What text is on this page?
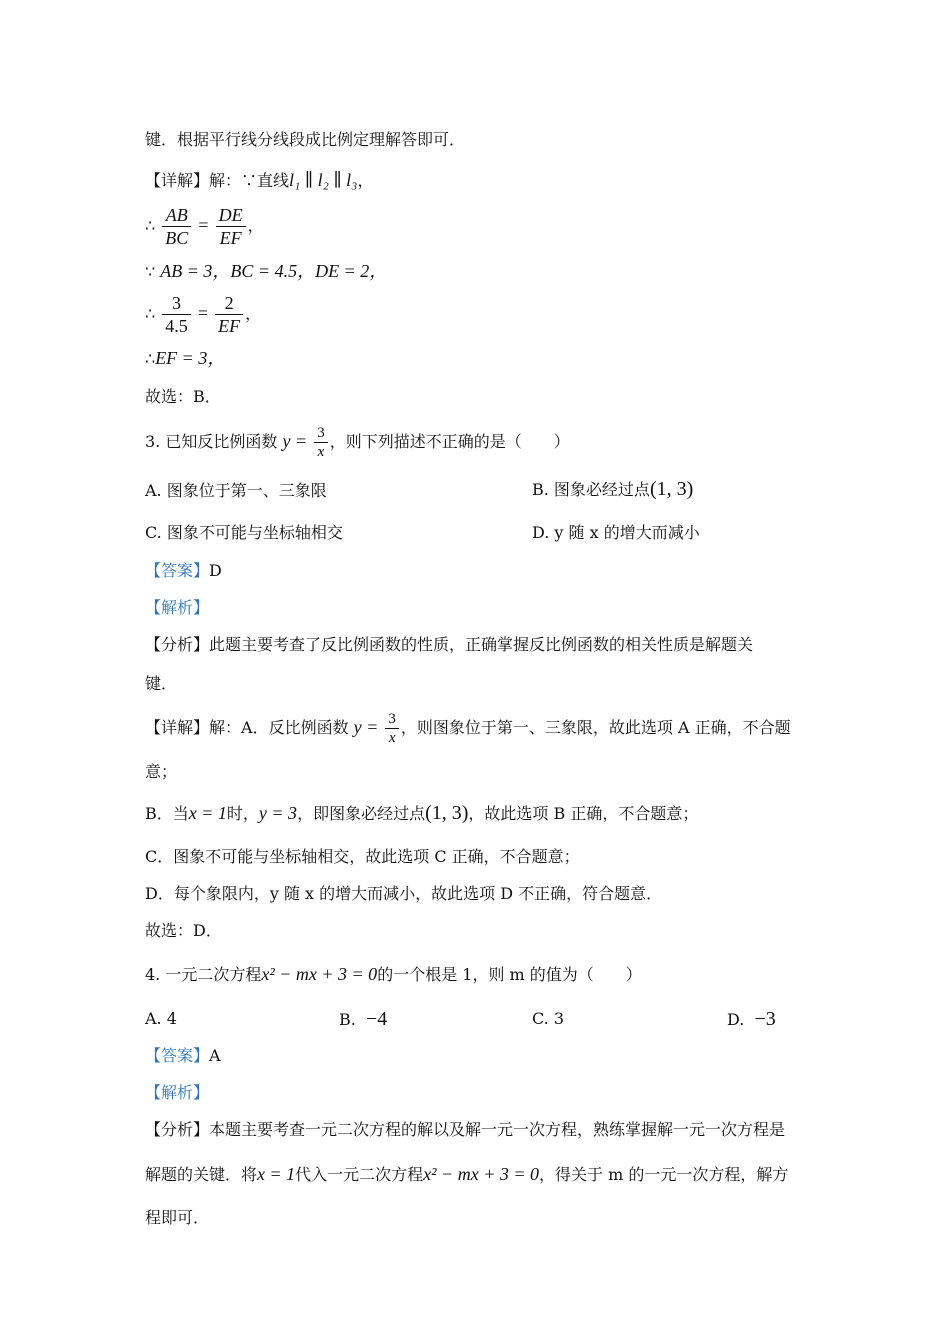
键．根据平行线分线段成比例定理解答即可．
【详解】解：∵直线l₁ ∥ l₂ ∥ l₃，
∴ $\frac{AB}{BC} = \frac{DE}{EF}$ ，
∵ AB = 3，BC = 4.5，DE = 2，
∴ $\frac{3}{4.5} = \frac{2}{EF}$ ，
∴EF = 3，
故选：B．
3. 已知反比例函数 $y = \frac{3}{x}$ ，则下列描述不正确的是（　　）
A. 图象位于第一、三象限	B. 图象必经过点(1, 3)
C. 图象不可能与坐标轴相交	D. y 随 x 的增大而减小
【答案】D
【解析】
【分析】此题主要考查了反比例函数的性质，正确掌握反比例函数的相关性质是解题关
键．
【详解】解：A．反比例函数 $y = \frac{3}{x}$ ，则图象位于第一、三象限，故此选项 A 正确，不合题
意；
B．当x = 1时，y = 3，即图象必经过点(1, 3)，故此选项 B 正确，不合题意；
C．图象不可能与坐标轴相交，故此选项 C 正确，不合题意；
D．每个象限内，y 随 x 的增大而减小，故此选项 D 不正确，符合题意．
故选：D．
4. 一元二次方程x² − mx + 3 = 0的一个根是 1，则 m 的值为（　　）
A. 4	B. −4	C. 3	D. −3
【答案】A
【解析】
【分析】本题主要考查一元二次方程的解以及解一元一次方程，熟练掌握解一元一次方程是
解题的关键．将x = 1代入一元二次方程x² − mx + 3 = 0，得关于 m 的一元一次方程，解方
程即可．
